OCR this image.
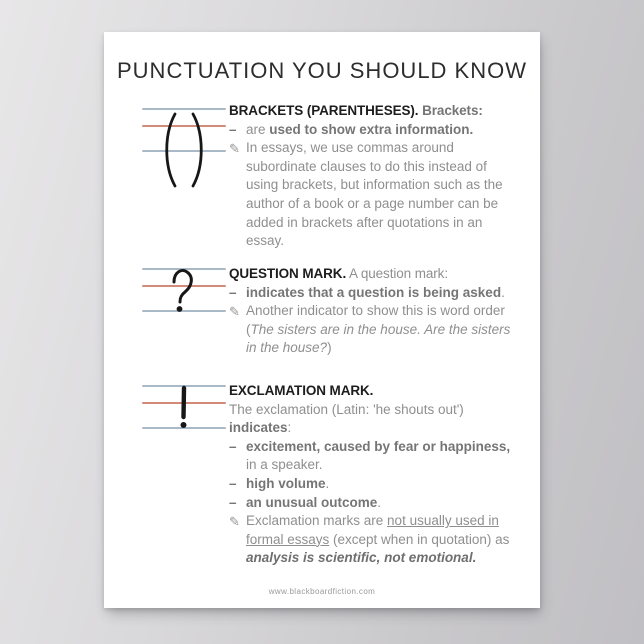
PUNCTUATION YOU SHOULD KNOW
BRACKETS (PARENTHESES). Brackets:
– are used to show extra information.
✎ In essays, we use commas around subordinate clauses to do this instead of using brackets, but information such as the author of a book or a page number can be added in brackets after quotations in an essay.
QUESTION MARK. A question mark:
– indicates that a question is being asked.
✎ Another indicator to show this is word order (The sisters are in the house. Are the sisters in the house?)
EXCLAMATION MARK.
The exclamation (Latin: 'he shouts out')
indicates:
– excitement, caused by fear or happiness, in a speaker.
– high volume.
– an unusual outcome.
✎ Exclamation marks are not usually used in formal essays (except when in quotation) as analysis is scientific, not emotional.
www.blackboardfiction.com
